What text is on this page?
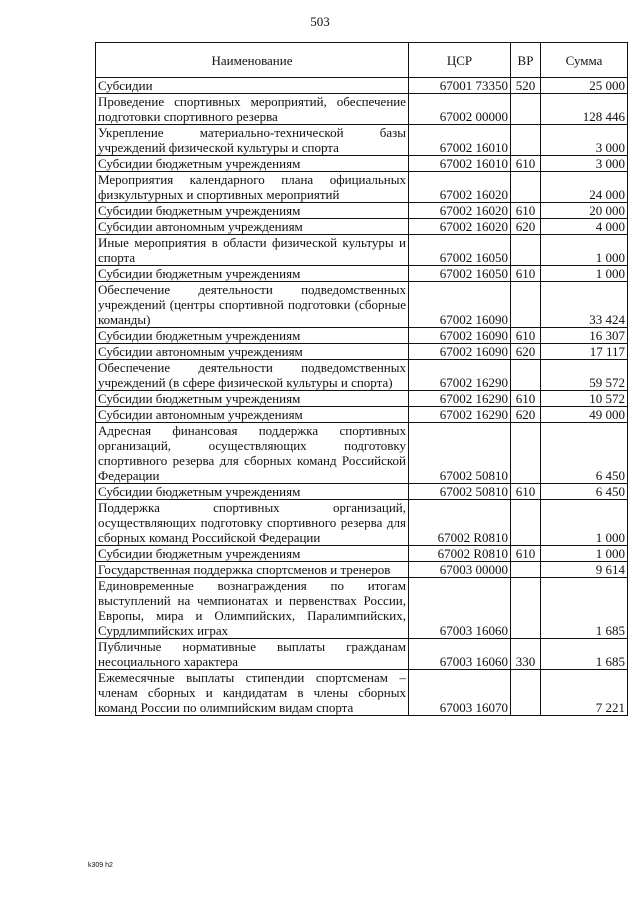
503
Наименование	ЦСР	ВР	Сумма
Субсидии	67001 73350	520	25 000
Проведение спортивных мероприятий, обеспечение подготовки спортивного резерва	67002 00000		128 446
Укрепление материально-технической базы учреждений физической культуры и спорта	67002 16010		3 000
Субсидии бюджетным учреждениям	67002 16010	610	3 000
Мероприятия календарного плана официальных физкультурных и спортивных мероприятий	67002 16020		24 000
Субсидии бюджетным учреждениям	67002 16020	610	20 000
Субсидии автономным учреждениям	67002 16020	620	4 000
Иные мероприятия в области физической культуры и спорта	67002 16050		1 000
Субсидии бюджетным учреждениям	67002 16050	610	1 000
Обеспечение деятельности подведомственных учреждений (центры спортивной подготовки (сборные команды)	67002 16090		33 424
Субсидии бюджетным учреждениям	67002 16090	610	16 307
Субсидии автономным учреждениям	67002 16090	620	17 117
Обеспечение деятельности подведомственных учреждений (в сфере физической культуры и спорта)	67002 16290		59 572
Субсидии бюджетным учреждениям	67002 16290	610	10 572
Субсидии автономным учреждениям	67002 16290	620	49 000
Адресная финансовая поддержка спортивных организаций, осуществляющих подготовку спортивного резерва для сборных команд Российской Федерации	67002 50810		6 450
Субсидии бюджетным учреждениям	67002 50810	610	6 450
Поддержка спортивных организаций, осуществляющих подготовку спортивного резерва для сборных команд Российской Федерации	67002 R0810		1 000
Субсидии бюджетным учреждениям	67002 R0810	610	1 000
Государственная поддержка спортсменов и тренеров	67003 00000		9 614
Единовременные вознаграждения по итогам выступлений на чемпионатах и первенствах России, Европы, мира и Олимпийских, Паралимпийских, Сурдлимпийских играх	67003 16060		1 685
Публичные нормативные выплаты гражданам несоциального характера	67003 16060	330	1 685
Ежемесячные выплаты стипендии спортсменам – членам сборных и кандидатам в члены сборных команд России по олимпийским видам спорта	67003 16070		7 221
k309 h2
